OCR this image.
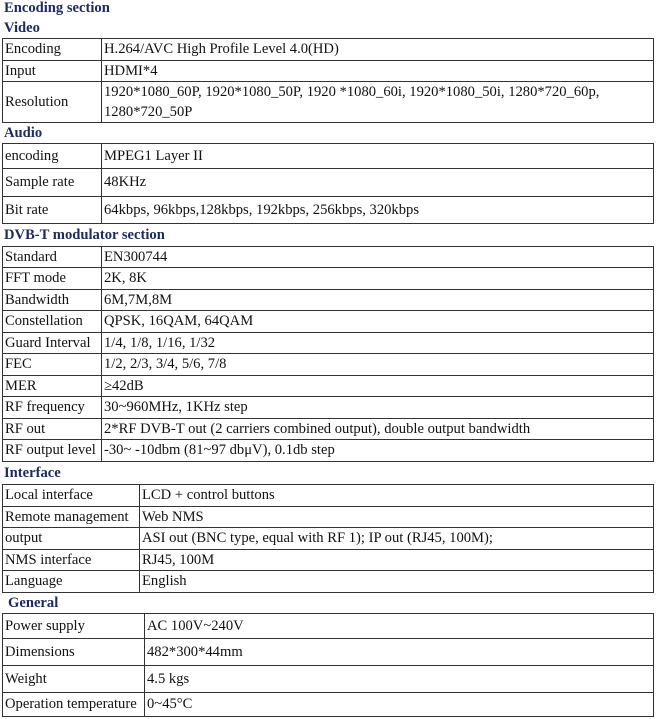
Encoding section
Video
Encoding	H.264/AVC High Profile Level 4.0(HD)
Input	HDMI*4
Resolution	1920*1080_60P, 1920*1080_50P, 1920 *1080_60i, 1920*1080_50i, 1280*720_60p, 1280*720_50P
Audio
encoding	MPEG1 Layer II
Sample rate	48KHz
Bit rate	64kbps, 96kbps,128kbps, 192kbps, 256kbps, 320kbps
DVB-T modulator section
Standard	EN300744
FFT mode	2K, 8K
Bandwidth	6M,7M,8M
Constellation	QPSK, 16QAM, 64QAM
Guard Interval	1/4, 1/8, 1/16, 1/32
FEC	1/2, 2/3, 3/4, 5/6, 7/8
MER	≥42dB
RF frequency	30~960MHz, 1KHz step
RF out	2*RF DVB-T out (2 carriers combined output), double output bandwidth
RF output level	-30~ -10dbm (81~97 dbμV), 0.1db step
Interface
Local interface	LCD + control buttons
Remote management	Web NMS
output	ASI out (BNC type, equal with RF 1); IP out (RJ45, 100M);
NMS interface	RJ45, 100M
Language	English
General
Power supply	AC 100V~240V
Dimensions	482*300*44mm
Weight	4.5 kgs
Operation temperature	0~45°C
